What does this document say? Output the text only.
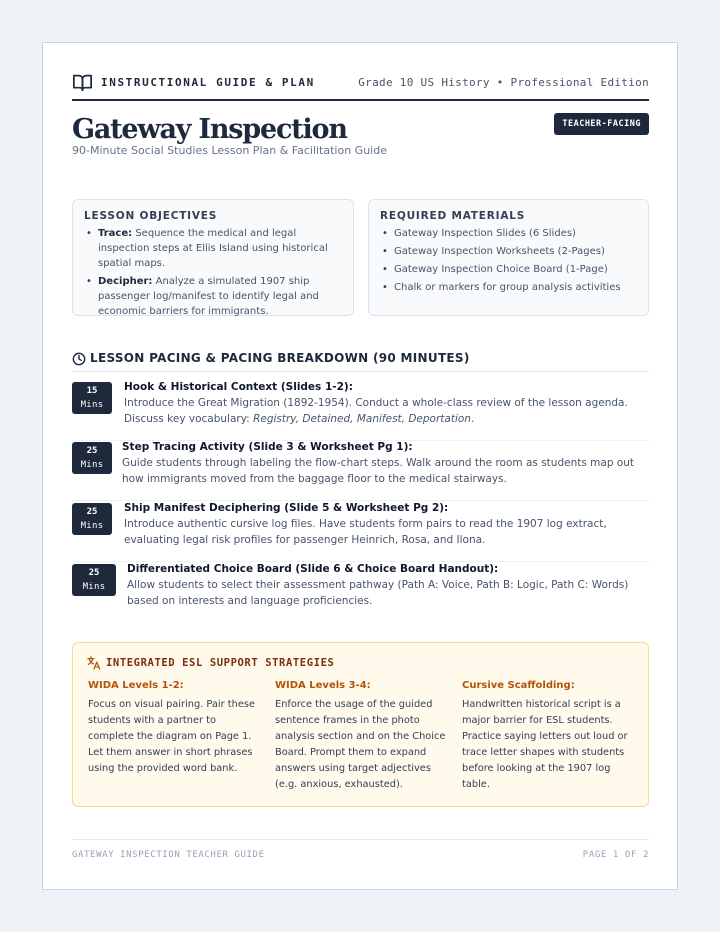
INSTRUCTIONAL GUIDE & PLAN	Grade 10 US History • Professional Edition
Gateway Inspection
90-Minute Social Studies Lesson Plan & Facilitation Guide
TEACHER-FACING
LESSON OBJECTIVES
• Trace: Sequence the medical and legal inspection steps at Ellis Island using historical spatial maps.
• Decipher: Analyze a simulated 1907 ship passenger log/manifest to identify legal and economic barriers for immigrants.
REQUIRED MATERIALS
• Gateway Inspection Slides (6 Slides)
• Gateway Inspection Worksheets (2-Pages)
• Gateway Inspection Choice Board (1-Page)
• Chalk or markers for group analysis activities
LESSON PACING & PACING BREAKDOWN (90 MINUTES)
15
Mins
Hook & Historical Context (Slides 1-2):
Introduce the Great Migration (1892-1954). Conduct a whole-class review of the lesson agenda. Discuss key vocabulary: Registry, Detained, Manifest, Deportation.
25
Mins
Step Tracing Activity (Slide 3 & Worksheet Pg 1):
Guide students through labeling the flow-chart steps. Walk around the room as students map out how immigrants moved from the baggage floor to the medical stairways.
25
Mins
Ship Manifest Deciphering (Slide 5 & Worksheet Pg 2):
Introduce authentic cursive log files. Have students form pairs to read the 1907 log extract, evaluating legal risk profiles for passenger Heinrich, Rosa, and Ilona.
25
Mins
Differentiated Choice Board (Slide 6 & Choice Board Handout):
Allow students to select their assessment pathway (Path A: Voice, Path B: Logic, Path C: Words) based on interests and language proficiencies.
INTEGRATED ESL SUPPORT STRATEGIES
WIDA Levels 1-2:

Focus on visual pairing. Pair these students with a partner to complete the diagram on Page 1. Let them answer in short phrases using the provided word bank.

WIDA Levels 3-4:

Enforce the usage of the guided sentence frames in the photo analysis section and on the Choice Board. Prompt them to expand answers using target adjectives (e.g. anxious, exhausted).

Cursive Scaffolding:

Handwritten historical script is a major barrier for ESL students. Practice saying letters out loud or trace letter shapes with students before looking at the 1907 log table.

GATEWAY INSPECTION TEACHER GUIDE	PAGE 1 OF 2
